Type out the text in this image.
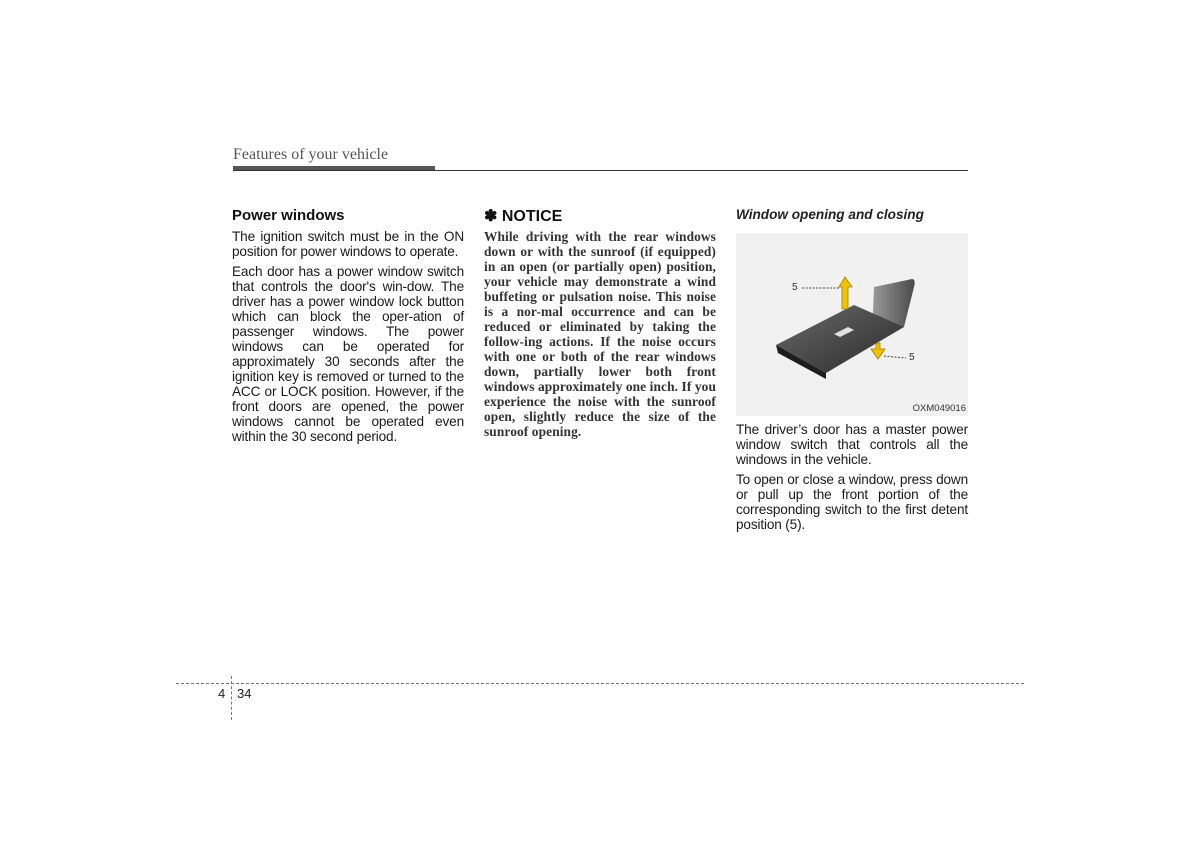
Features of your vehicle
Power windows

The ignition switch must be in the ON position for power windows to operate.

Each door has a power window switch that controls the door's win-dow. The driver has a power window lock button which can block the oper-ation of passenger windows. The power windows can be operated for approximately 30 seconds after the ignition key is removed or turned to the ACC or LOCK position. However, if the front doors are opened, the power windows cannot be operated even within the 30 second period.

✽ NOTICE

While driving with the rear windows down or with the sunroof (if equipped) in an open (or partially open) position, your vehicle may demonstrate a wind buffeting or pulsation noise. This noise is a nor-mal occurrence and can be reduced or eliminated by taking the follow-ing actions. If the noise occurs with one or both of the rear windows down, partially lower both front windows approximately one inch. If you experience the noise with the sunroof open, slightly reduce the size of the sunroof opening.

Window opening and closing
5
5
OXM049016

The driver’s door has a master power window switch that controls all the windows in the vehicle.

To open or close a window, press down or pull up the front portion of the corresponding switch to the first detent position (5).

4 34
